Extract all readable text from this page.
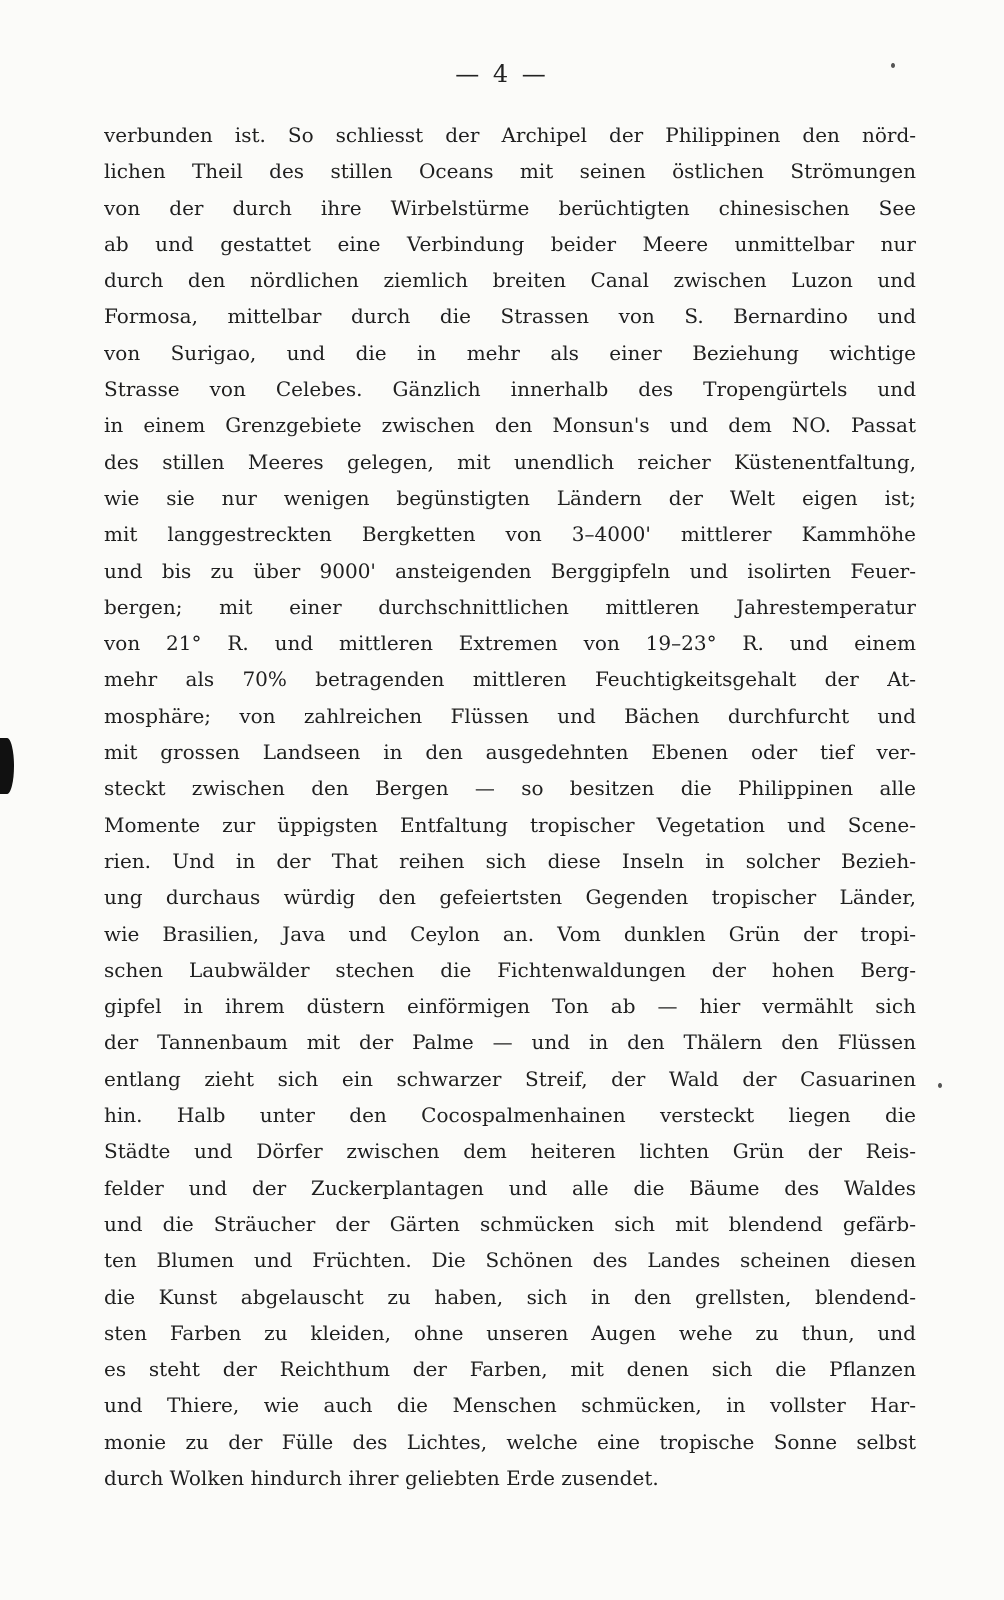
— 4 —
verbunden ist. So schliesst der Archipel der Philippinen den nörd-
lichen Theil des stillen Oceans mit seinen östlichen Strömungen
von der durch ihre Wirbelstürme berüchtigten chinesischen See
ab und gestattet eine Verbindung beider Meere unmittelbar nur
durch den nördlichen ziemlich breiten Canal zwischen Luzon und
Formosa, mittelbar durch die Strassen von S. Bernardino und
von Surigao, und die in mehr als einer Beziehung wichtige
Strasse von Celebes. Gänzlich innerhalb des Tropengürtels und
in einem Grenzgebiete zwischen den Monsun's und dem NO. Passat
des stillen Meeres gelegen, mit unendlich reicher Küstenentfaltung,
wie sie nur wenigen begünstigten Ländern der Welt eigen ist;
mit langgestreckten Bergketten von 3–4000' mittlerer Kammhöhe
und bis zu über 9000' ansteigenden Berggipfeln und isolirten Feuer-
bergen; mit einer durchschnittlichen mittleren Jahrestemperatur
von 21° R. und mittleren Extremen von 19–23° R. und einem
mehr als 70% betragenden mittleren Feuchtigkeitsgehalt der At-
mosphäre; von zahlreichen Flüssen und Bächen durchfurcht und
mit grossen Landseen in den ausgedehnten Ebenen oder tief ver-
steckt zwischen den Bergen — so besitzen die Philippinen alle
Momente zur üppigsten Entfaltung tropischer Vegetation und Scene-
rien. Und in der That reihen sich diese Inseln in solcher Bezieh-
ung durchaus würdig den gefeiertsten Gegenden tropischer Länder,
wie Brasilien, Java und Ceylon an. Vom dunklen Grün der tropi-
schen Laubwälder stechen die Fichtenwaldungen der hohen Berg-
gipfel in ihrem düstern einförmigen Ton ab — hier vermählt sich
der Tannenbaum mit der Palme — und in den Thälern den Flüssen
entlang zieht sich ein schwarzer Streif, der Wald der Casuarinen
hin. Halb unter den Cocospalmenhainen versteckt liegen die
Städte und Dörfer zwischen dem heiteren lichten Grün der Reis-
felder und der Zuckerplantagen und alle die Bäume des Waldes
und die Sträucher der Gärten schmücken sich mit blendend gefärb-
ten Blumen und Früchten. Die Schönen des Landes scheinen diesen
die Kunst abgelauscht zu haben, sich in den grellsten, blendend-
sten Farben zu kleiden, ohne unseren Augen wehe zu thun, und
es steht der Reichthum der Farben, mit denen sich die Pflanzen
und Thiere, wie auch die Menschen schmücken, in vollster Har-
monie zu der Fülle des Lichtes, welche eine tropische Sonne selbst
durch Wolken hindurch ihrer geliebten Erde zusendet.
